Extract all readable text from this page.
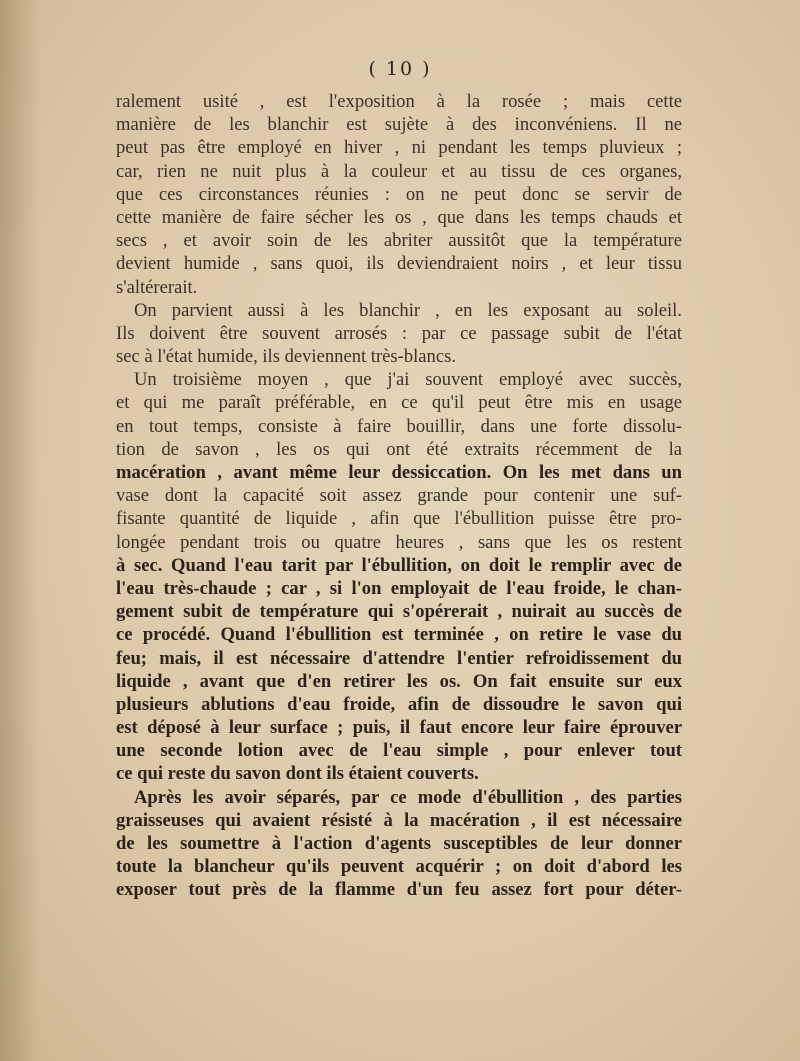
( 10 )
ralement usité , est l'exposition à la rosée ; mais cette
manière de les blanchir est sujète à des inconvéniens. Il ne
peut pas être employé en hiver , ni pendant les temps pluvieux ;
car, rien ne nuit plus à la couleur et au tissu de ces organes,
que ces circonstances réunies : on ne peut donc se servir de
cette manière de faire sécher les os , que dans les temps chauds et
secs , et avoir soin de les abriter aussitôt que la température
devient humide , sans quoi, ils deviendraient noirs , et leur tissu
s'altérerait.
On parvient aussi à les blanchir , en les exposant au soleil.
Ils doivent être souvent arrosés : par ce passage subit de l'état
sec à l'état humide, ils deviennent très-blancs.
Un troisième moyen , que j'ai souvent employé avec succès,
et qui me paraît préférable, en ce qu'il peut être mis en usage
en tout temps, consiste à faire bouillir, dans une forte dissolu-
tion de savon , les os qui ont été extraits récemment de la
macération , avant même leur dessiccation. On les met dans un
vase dont la capacité soit assez grande pour contenir une suf-
fisante quantité de liquide , afin que l'ébullition puisse être pro-
longée pendant trois ou quatre heures , sans que les os restent
à sec. Quand l'eau tarit par l'ébullition, on doit le remplir avec de
l'eau très-chaude ; car , si l'on employait de l'eau froide, le chan-
gement subit de température qui s'opérerait , nuirait au succès de
ce procédé. Quand l'ébullition est terminée , on retire le vase du
feu; mais, il est nécessaire d'attendre l'entier refroidissement du
liquide , avant que d'en retirer les os. On fait ensuite sur eux
plusieurs ablutions d'eau froide, afin de dissoudre le savon qui
est déposé à leur surface ; puis, il faut encore leur faire éprouver
une seconde lotion avec de l'eau simple , pour enlever tout
ce qui reste du savon dont ils étaient couverts.
Après les avoir séparés, par ce mode d'ébullition , des parties
graisseuses qui avaient résisté à la macération , il est nécessaire
de les soumettre à l'action d'agents susceptibles de leur donner
toute la blancheur qu'ils peuvent acquérir ; on doit d'abord les
exposer tout près de la flamme d'un feu assez fort pour déter-
